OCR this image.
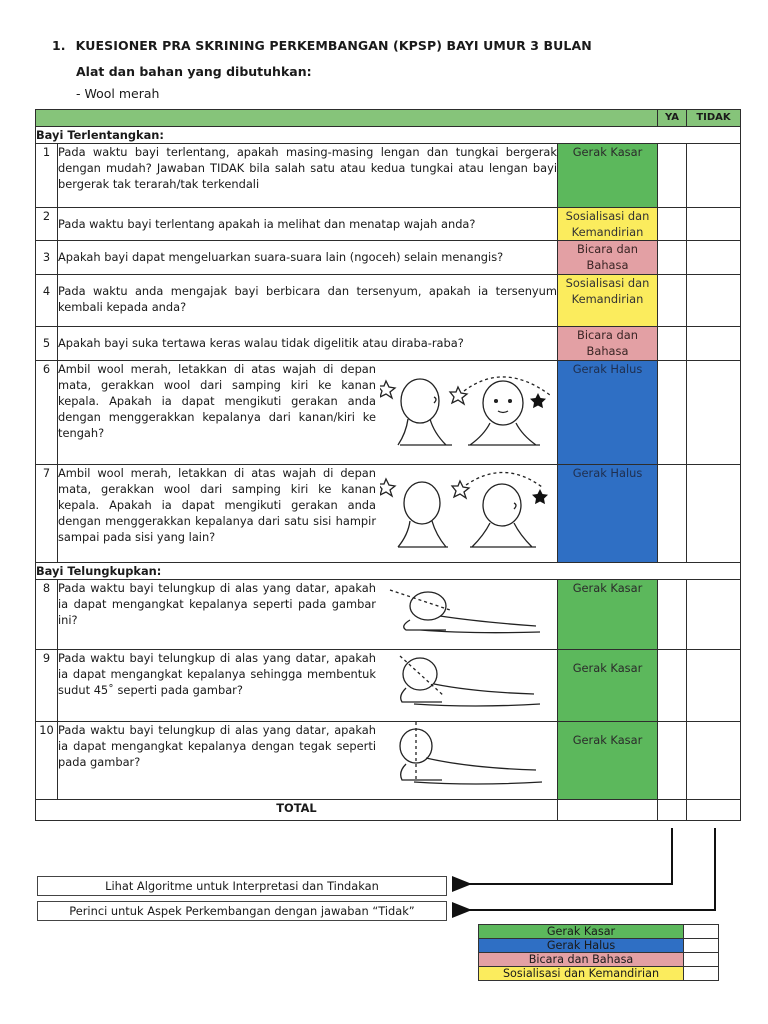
1. KUESIONER PRA SKRINING PERKEMBANGAN (KPSP) BAYI UMUR 3 BULAN
Alat dan bahan yang dibutuhkan:
- Wool merah
			YA	TIDAK
Bayi Terlentangkan:				
1	Pada waktu bayi terlentang, apakah masing-masing lengan dan tungkai bergerak dengan mudah? Jawaban TIDAK bila salah satu atau kedua tungkai atau lengan bayi bergerak tak terarah/tak terkendali	Gerak Kasar		
2	Pada waktu bayi terlentang apakah ia melihat dan menatap wajah anda?	Sosialisasi dan Kemandirian		
3	Apakah bayi dapat mengeluarkan suara-suara lain (ngoceh) selain menangis?	Bicara dan Bahasa		
4	Pada waktu anda mengajak bayi berbicara dan tersenyum, apakah ia tersenyum kembali kepada anda?	Sosialisasi dan Kemandirian		
5	Apakah bayi suka tertawa keras walau tidak digelitik atau diraba-raba?	Bicara dan Bahasa		
6	Ambil wool merah, letakkan di atas wajah di depan mata, gerakkan wool dari samping kiri ke kanan kepala. Apakah ia dapat mengikuti gerakan anda dengan menggerakkan kepalanya dari kanan/kiri ke tengah?	Gerak Halus		
7	Ambil wool merah, letakkan di atas wajah di depan mata, gerakkan wool dari samping kiri ke kanan kepala. Apakah ia dapat mengikuti gerakan anda dengan menggerakkan kepalanya dari satu sisi hampir sampai pada sisi yang lain?	Gerak Halus		
Bayi Telungkupkan:				
8	Pada waktu bayi telungkup di alas yang datar, apakah ia dapat mengangkat kepalanya seperti pada gambar ini?	Gerak Kasar		
9	Pada waktu bayi telungkup di alas yang datar, apakah ia dapat mengangkat kepalanya sehingga membentuk sudut 45˚ seperti pada gambar?	Gerak Kasar		
10	Pada waktu bayi telungkup di alas yang datar, apakah ia dapat mengangkat kepalanya dengan tegak seperti pada gambar?	Gerak Kasar		
TOTAL				
Lihat Algoritme untuk Interpretasi dan Tindakan
Perinci untuk Aspek Perkembangan dengan jawaban “Tidak”
Gerak Kasar	
Gerak Halus	
Bicara dan Bahasa	
Sosialisasi dan Kemandirian	
